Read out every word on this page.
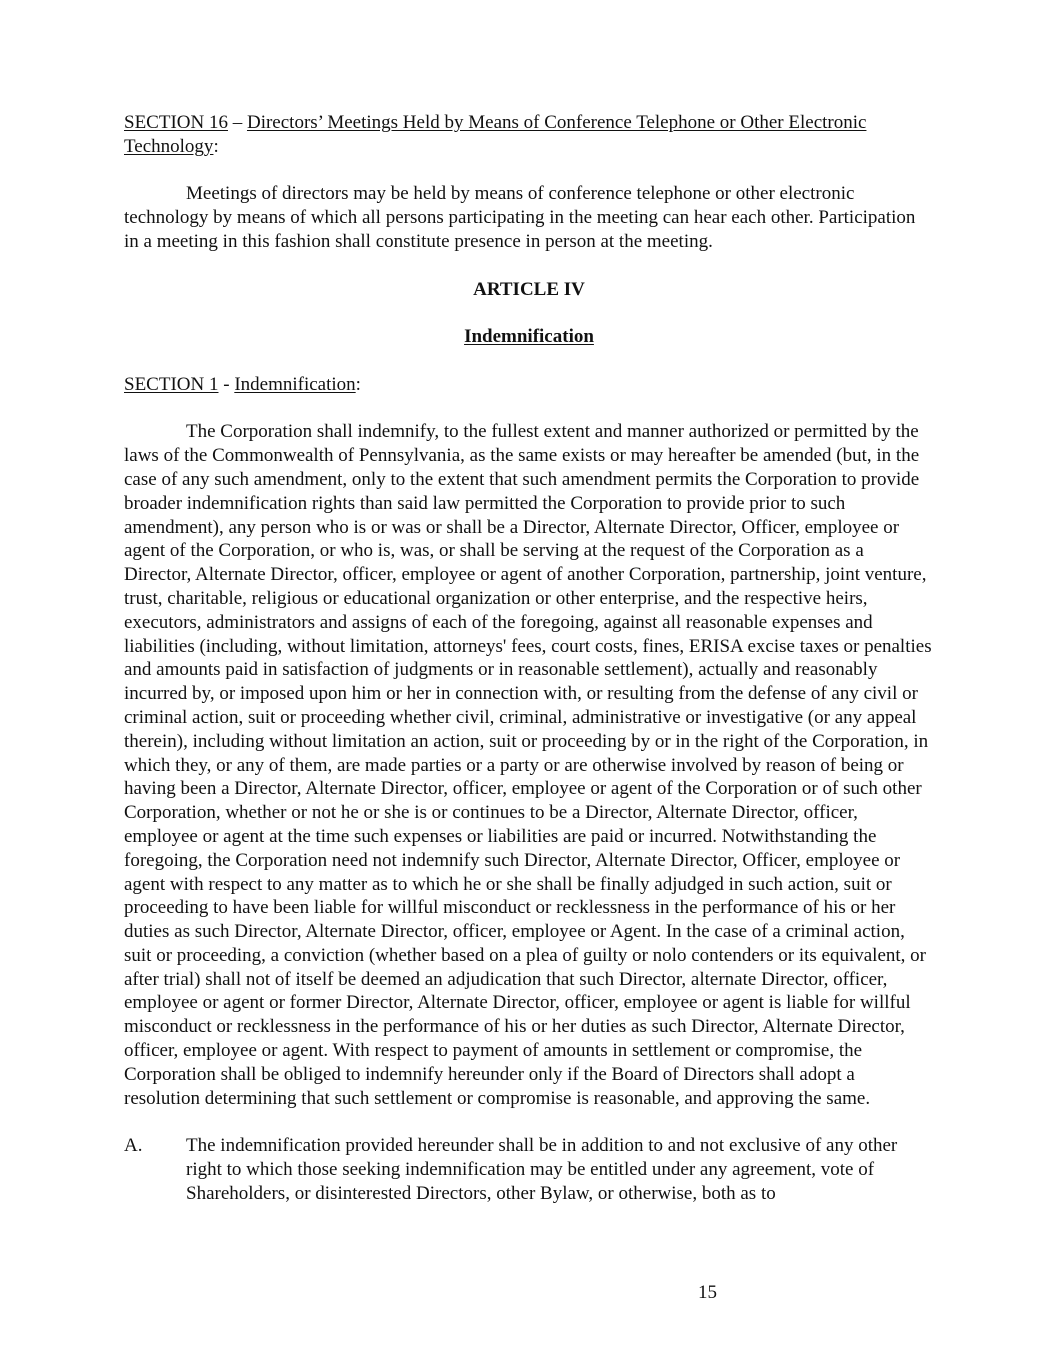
SECTION 16 – Directors’ Meetings Held by Means of Conference Telephone or Other Electronic Technology:

Meetings of directors may be held by means of conference telephone or other electronic technology by means of which all persons participating in the meeting can hear each other. Participation in a meeting in this fashion shall constitute presence in person at the meeting.

ARTICLE IV
Indemnification
SECTION 1 - Indemnification:

The Corporation shall indemnify, to the fullest extent and manner authorized or permitted by the laws of the Commonwealth of Pennsylvania, as the same exists or may hereafter be amended (but, in the case of any such amendment, only to the extent that such amendment permits the Corporation to provide broader indemnification rights than said law permitted the Corporation to provide prior to such amendment), any person who is or was or shall be a Director, Alternate Director, Officer, employee or agent of the Corporation, or who is, was, or shall be serving at the request of the Corporation as a Director, Alternate Director, officer, employee or agent of another Corporation, partnership, joint venture, trust, charitable, religious or educational organization or other enterprise, and the respective heirs, executors, administrators and assigns of each of the foregoing, against all reasonable expenses and liabilities (including, without limitation, attorneys' fees, court costs, fines, ERISA excise taxes or penalties and amounts paid in satisfaction of judgments or in reasonable settlement), actually and reasonably incurred by, or imposed upon him or her in connection with, or resulting from the defense of any civil or criminal action, suit or proceeding whether civil, criminal, administrative or investigative (or any appeal therein), including without limitation an action, suit or proceeding by or in the right of the Corporation, in which they, or any of them, are made parties or a party or are otherwise involved by reason of being or having been a Director, Alternate Director, officer, employee or agent of the Corporation or of such other Corporation, whether or not he or she is or continues to be a Director, Alternate Director, officer, employee or agent at the time such expenses or liabilities are paid or incurred. Notwithstanding the foregoing, the Corporation need not indemnify such Director, Alternate Director, Officer, employee or agent with respect to any matter as to which he or she shall be finally adjudged in such action, suit or proceeding to have been liable for willful misconduct or recklessness in the performance of his or her duties as such Director, Alternate Director, officer, employee or Agent. In the case of a criminal action, suit or proceeding, a conviction (whether based on a plea of guilty or nolo contenders or its equivalent, or after trial) shall not of itself be deemed an adjudication that such Director, alternate Director, officer, employee or agent or former Director, Alternate Director, officer, employee or agent is liable for willful misconduct or recklessness in the performance of his or her duties as such Director, Alternate Director, officer, employee or agent. With respect to payment of amounts in settlement or compromise, the Corporation shall be obliged to indemnify hereunder only if the Board of Directors shall adopt a resolution determining that such settlement or compromise is reasonable, and approving the same.

A.	The indemnification provided hereunder shall be in addition to and not exclusive of any other right to which those seeking indemnification may be entitled under any agreement, vote of Shareholders, or disinterested Directors, other Bylaw, or otherwise, both as to
15
